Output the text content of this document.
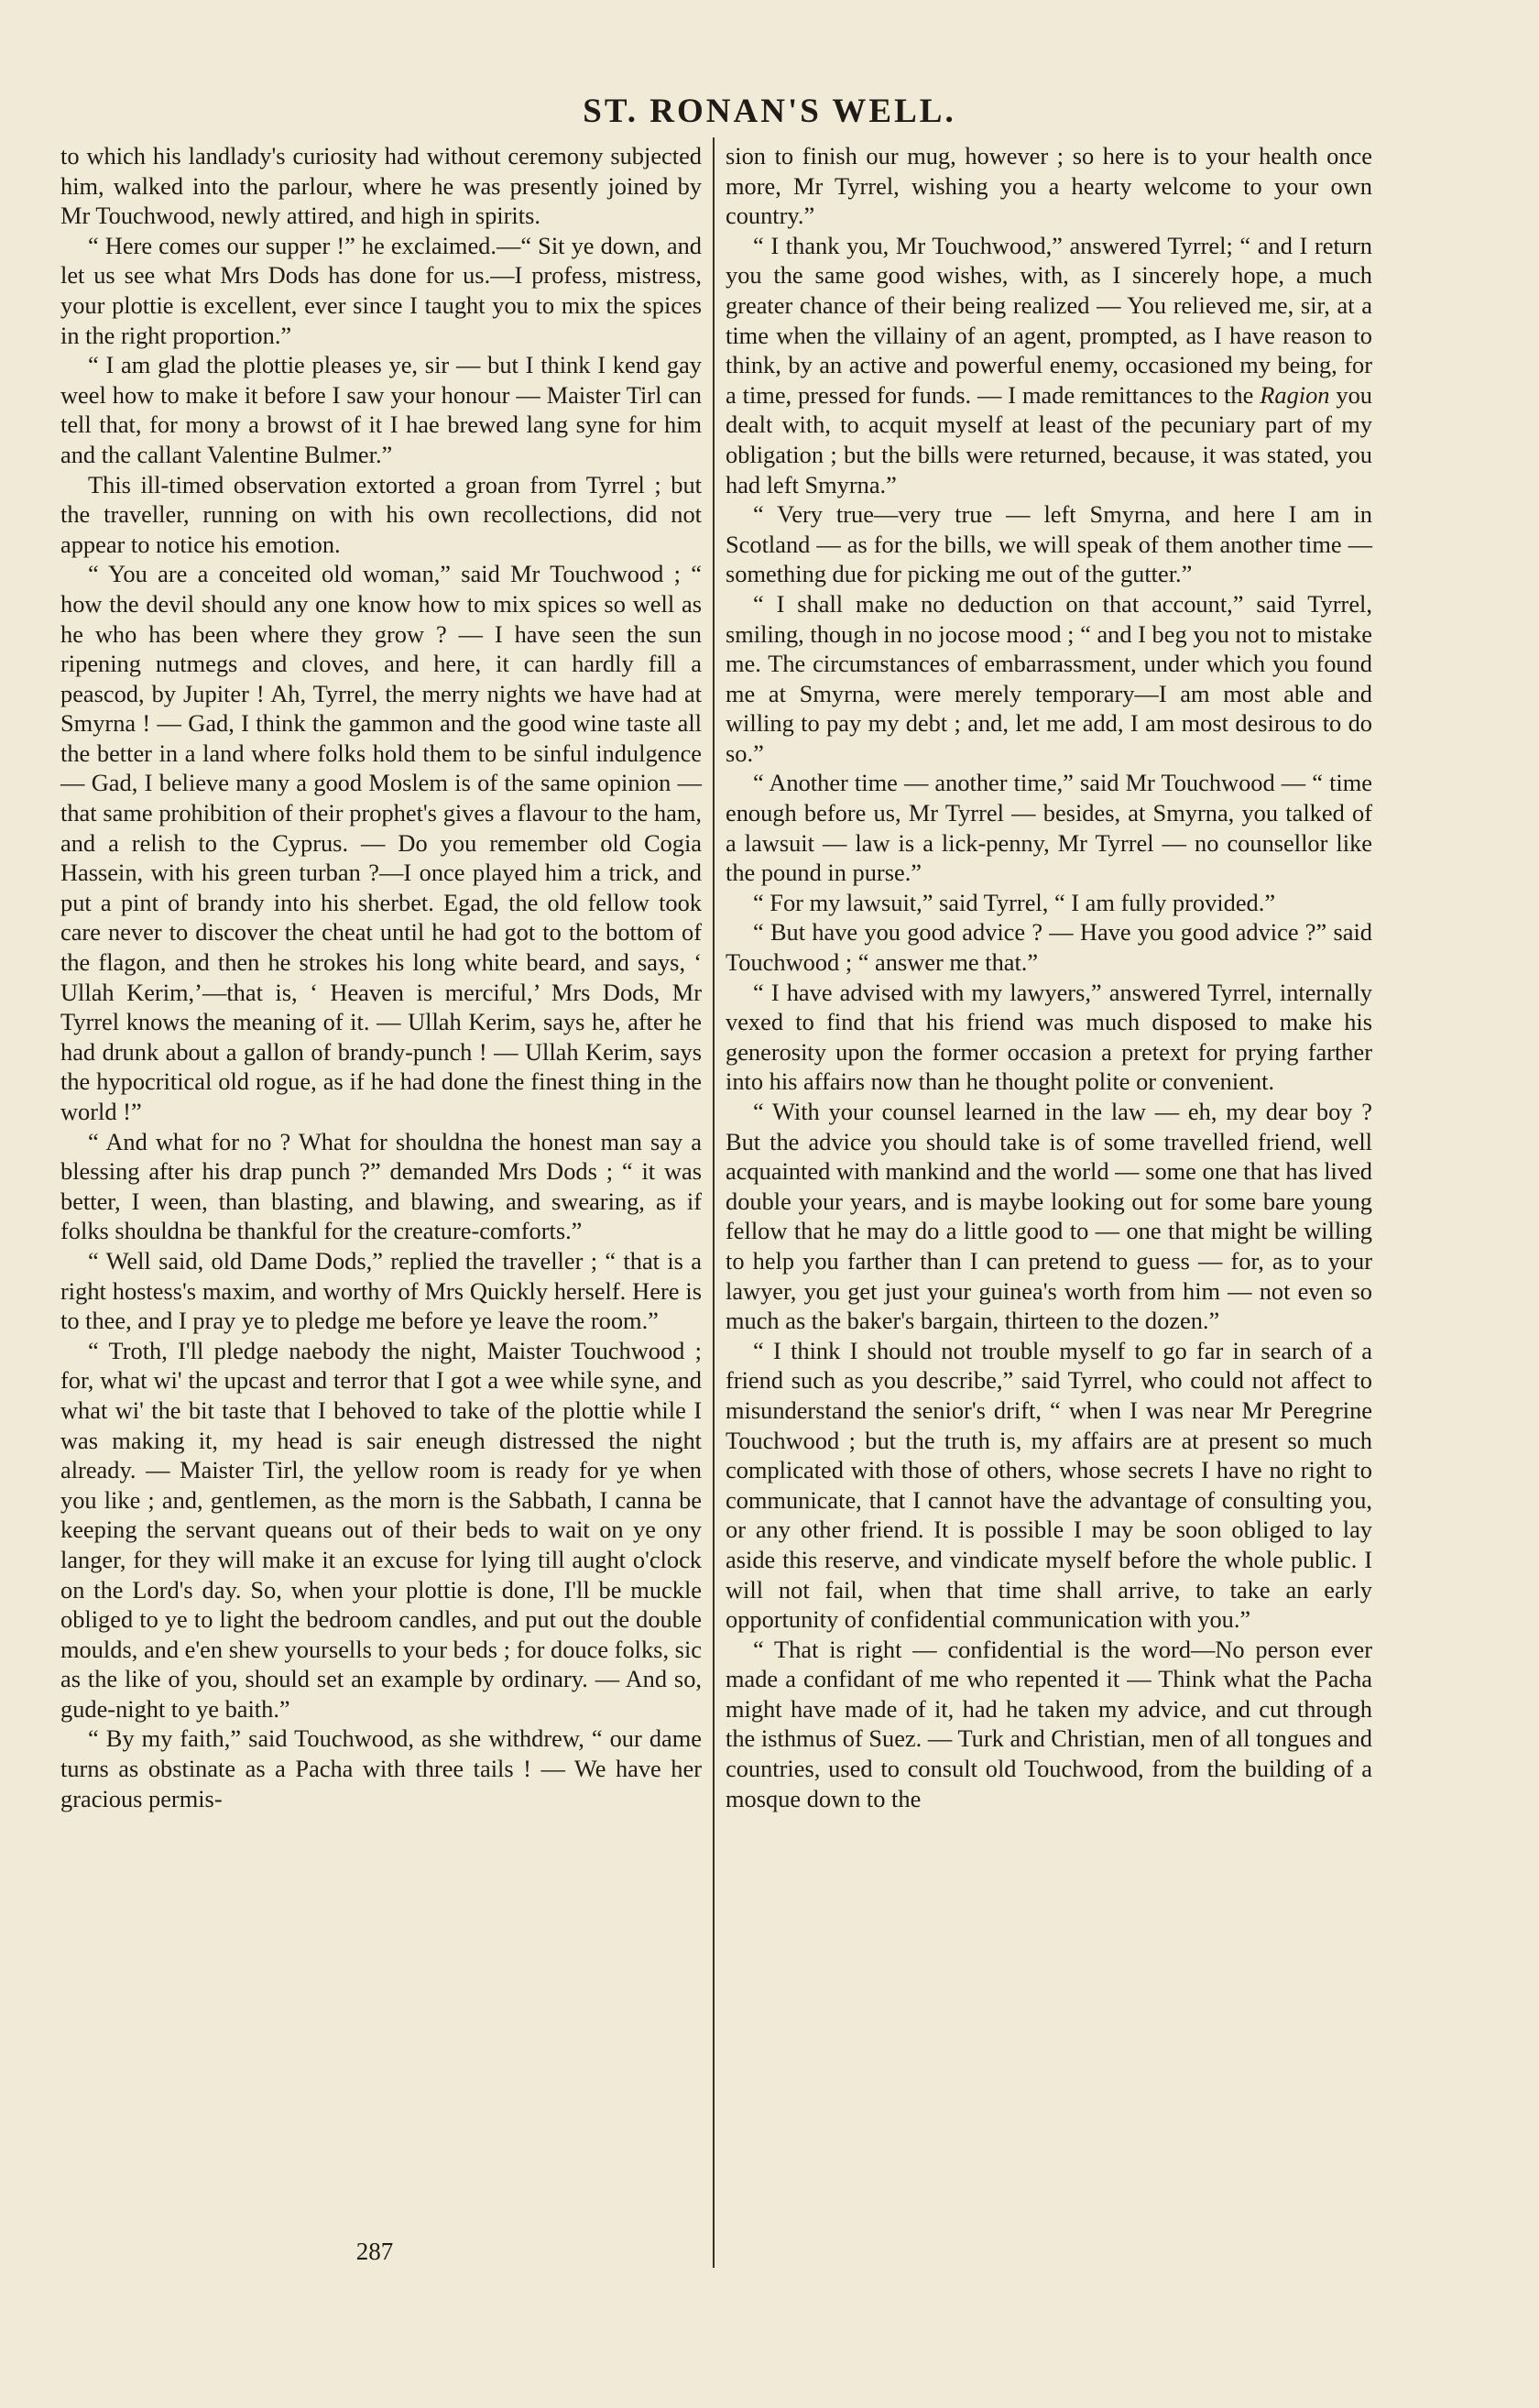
ST. RONAN'S WELL.

to which his landlady's curiosity had without ceremony subjected him, walked into the parlour, where he was presently joined by Mr Touchwood, newly attired, and high in spirits.

“ Here comes our supper !” he exclaimed.—“ Sit ye down, and let us see what Mrs Dods has done for us.—I profess, mistress, your plottie is excellent, ever since I taught you to mix the spices in the right proportion.”

“ I am glad the plottie pleases ye, sir — but I think I kend gay weel how to make it before I saw your honour — Maister Tirl can tell that, for mony a browst of it I hae brewed lang syne for him and the callant Valentine Bulmer.”

This ill-timed observation extorted a groan from Tyrrel ; but the traveller, running on with his own recollections, did not appear to notice his emotion.

“ You are a conceited old woman,” said Mr Touchwood ; “ how the devil should any one know how to mix spices so well as he who has been where they grow ? — I have seen the sun ripening nutmegs and cloves, and here, it can hardly fill a peascod, by Jupiter ! Ah, Tyrrel, the merry nights we have had at Smyrna ! — Gad, I think the gammon and the good wine taste all the better in a land where folks hold them to be sinful indulgence — Gad, I believe many a good Moslem is of the same opinion — that same prohibition of their prophet's gives a flavour to the ham, and a relish to the Cyprus. — Do you remember old Cogia Hassein, with his green turban ?—I once played him a trick, and put a pint of brandy into his sherbet. Egad, the old fellow took care never to discover the cheat until he had got to the bottom of the flagon, and then he strokes his long white beard, and says, ‘ Ullah Kerim,’—that is, ‘ Heaven is merciful,’ Mrs Dods, Mr Tyrrel knows the meaning of it. — Ullah Kerim, says he, after he had drunk about a gallon of brandy-punch ! — Ullah Kerim, says the hypocritical old rogue, as if he had done the finest thing in the world !”

“ And what for no ? What for shouldna the honest man say a blessing after his drap punch ?” demanded Mrs Dods ; “ it was better, I ween, than blasting, and blawing, and swearing, as if folks shouldna be thankful for the creature-comforts.”

“ Well said, old Dame Dods,” replied the traveller ; “ that is a right hostess's maxim, and worthy of Mrs Quickly herself. Here is to thee, and I pray ye to pledge me before ye leave the room.”

“ Troth, I'll pledge naebody the night, Maister Touchwood ; for, what wi' the upcast and terror that I got a wee while syne, and what wi' the bit taste that I behoved to take of the plottie while I was making it, my head is sair eneugh distressed the night already. — Maister Tirl, the yellow room is ready for ye when you like ; and, gentlemen, as the morn is the Sabbath, I canna be keeping the servant queans out of their beds to wait on ye ony langer, for they will make it an excuse for lying till aught o'clock on the Lord's day. So, when your plottie is done, I'll be muckle obliged to ye to light the bedroom candles, and put out the double moulds, and e'en shew yoursells to your beds ; for douce folks, sic as the like of you, should set an example by ordinary. — And so, gude-night to ye baith.”

“ By my faith,” said Touchwood, as she withdrew, “ our dame turns as obstinate as a Pacha with three tails ! — We have her gracious permis-

sion to finish our mug, however ; so here is to your health once more, Mr Tyrrel, wishing you a hearty welcome to your own country.”

“ I thank you, Mr Touchwood,” answered Tyrrel; “ and I return you the same good wishes, with, as I sincerely hope, a much greater chance of their being realized — You relieved me, sir, at a time when the villainy of an agent, prompted, as I have reason to think, by an active and powerful enemy, occasioned my being, for a time, pressed for funds. — I made remittances to the Ragion you dealt with, to acquit myself at least of the pecuniary part of my obligation ; but the bills were returned, because, it was stated, you had left Smyrna.”

“ Very true—very true — left Smyrna, and here I am in Scotland — as for the bills, we will speak of them another time — something due for picking me out of the gutter.”

“ I shall make no deduction on that account,” said Tyrrel, smiling, though in no jocose mood ; “ and I beg you not to mistake me. The circumstances of embarrassment, under which you found me at Smyrna, were merely temporary—I am most able and willing to pay my debt ; and, let me add, I am most desirous to do so.”

“ Another time — another time,” said Mr Touchwood — “ time enough before us, Mr Tyrrel — besides, at Smyrna, you talked of a lawsuit — law is a lick-penny, Mr Tyrrel — no counsellor like the pound in purse.”

“ For my lawsuit,” said Tyrrel, “ I am fully provided.”

“ But have you good advice ? — Have you good advice ?” said Touchwood ; “ answer me that.”

“ I have advised with my lawyers,” answered Tyrrel, internally vexed to find that his friend was much disposed to make his generosity upon the former occasion a pretext for prying farther into his affairs now than he thought polite or convenient.

“ With your counsel learned in the law — eh, my dear boy ? But the advice you should take is of some travelled friend, well acquainted with mankind and the world — some one that has lived double your years, and is maybe looking out for some bare young fellow that he may do a little good to — one that might be willing to help you farther than I can pretend to guess — for, as to your lawyer, you get just your guinea's worth from him — not even so much as the baker's bargain, thirteen to the dozen.”

“ I think I should not trouble myself to go far in search of a friend such as you describe,” said Tyrrel, who could not affect to misunderstand the senior's drift, “ when I was near Mr Peregrine Touchwood ; but the truth is, my affairs are at present so much complicated with those of others, whose secrets I have no right to communicate, that I cannot have the advantage of consulting you, or any other friend. It is possible I may be soon obliged to lay aside this reserve, and vindicate myself before the whole public. I will not fail, when that time shall arrive, to take an early opportunity of confidential communication with you.”

“ That is right — confidential is the word—No person ever made a confidant of me who repented it — Think what the Pacha might have made of it, had he taken my advice, and cut through the isthmus of Suez. — Turk and Christian, men of all tongues and countries, used to consult old Touchwood, from the building of a mosque down to the

287
